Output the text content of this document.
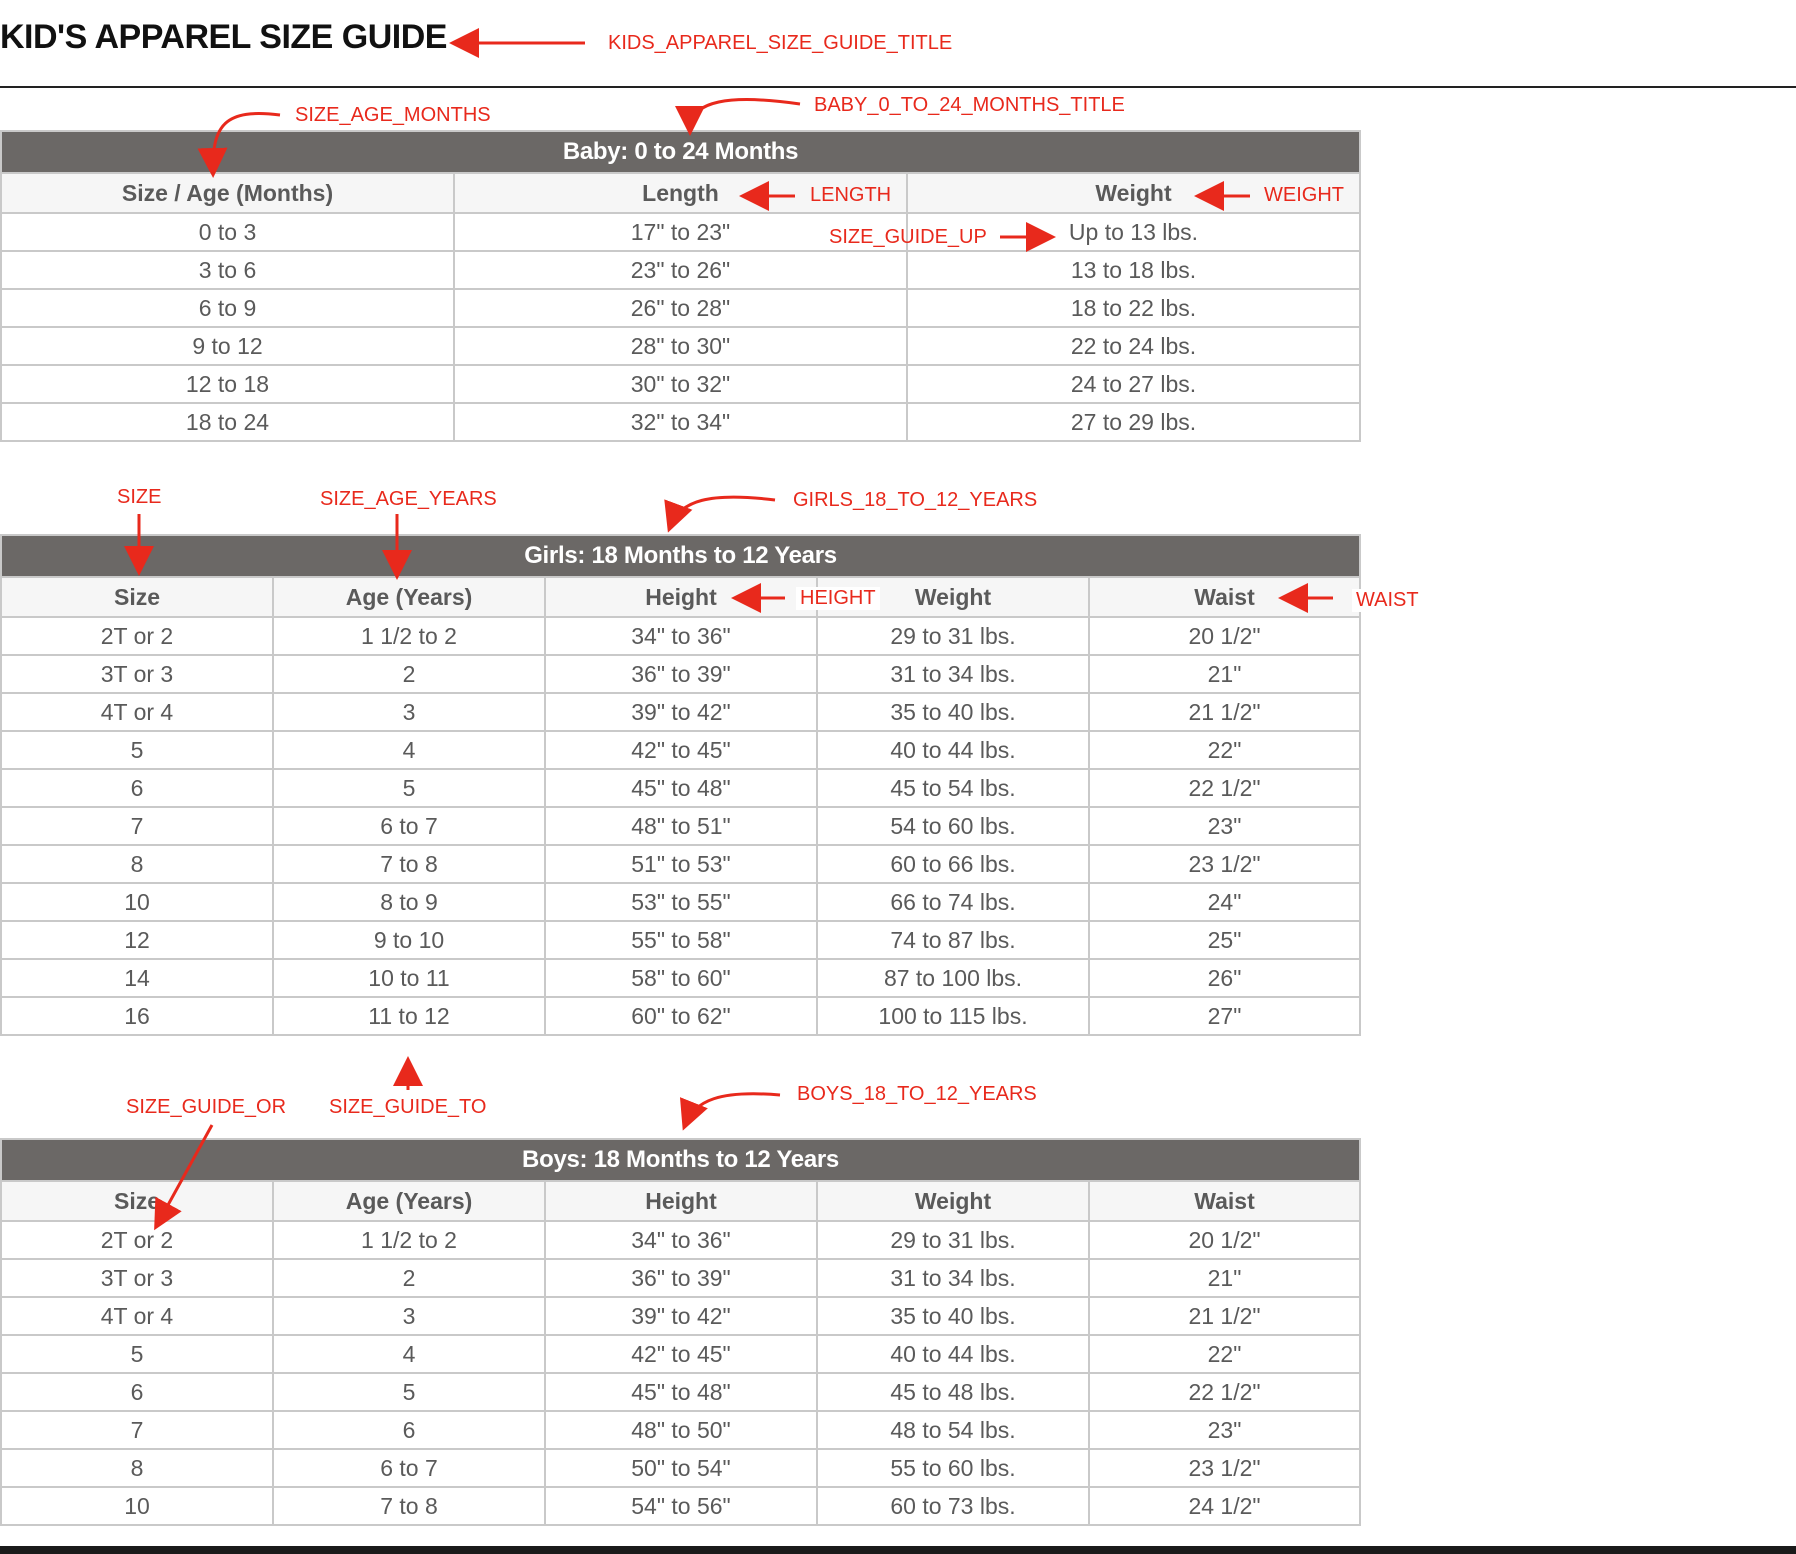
KID'S APPAREL SIZE GUIDE
Baby: 0 to 24 Months		
Size / Age (Months)	Length	Weight
0 to 3	17" to 23"	Up to 13 lbs.
3 to 6	23" to 26"	13 to 18 lbs.
6 to 9	26" to 28"	18 to 22 lbs.
9 to 12	28" to 30"	22 to 24 lbs.
12 to 18	30" to 32"	24 to 27 lbs.
18 to 24	32" to 34"	27 to 29 lbs.
Girls: 18 Months to 12 Years				
Size	Age (Years)	Height	Weight	Waist
2T or 2	1 1/2 to 2	34" to 36"	29 to 31 lbs.	20 1/2"
3T or 3	2	36" to 39"	31 to 34 lbs.	21"
4T or 4	3	39" to 42"	35 to 40 lbs.	21 1/2"
5	4	42" to 45"	40 to 44 lbs.	22"
6	5	45" to 48"	45 to 54 lbs.	22 1/2"
7	6 to 7	48" to 51"	54 to 60 lbs.	23"
8	7 to 8	51" to 53"	60 to 66 lbs.	23 1/2"
10	8 to 9	53" to 55"	66 to 74 lbs.	24"
12	9 to 10	55" to 58"	74 to 87 lbs.	25"
14	10 to 11	58" to 60"	87 to 100 lbs.	26"
16	11 to 12	60" to 62"	100 to 115 lbs.	27"
Boys: 18 Months to 12 Years				
Size	Age (Years)	Height	Weight	Waist
2T or 2	1 1/2 to 2	34" to 36"	29 to 31 lbs.	20 1/2"
3T or 3	2	36" to 39"	31 to 34 lbs.	21"
4T or 4	3	39" to 42"	35 to 40 lbs.	21 1/2"
5	4	42" to 45"	40 to 44 lbs.	22"
6	5	45" to 48"	45 to 48 lbs.	22 1/2"
7	6	48" to 50"	48 to 54 lbs.	23"
8	6 to 7	50" to 54"	55 to 60 lbs.	23 1/2"
10	7 to 8	54" to 56"	60 to 73 lbs.	24 1/2"
KIDS_APPAREL_SIZE_GUIDE_TITLE
SIZE_AGE_MONTHS	BABY_0_TO_24_MONTHS_TITLE
LENGTH	WEIGHT
SIZE_GUIDE_UP
SIZE	SIZE_AGE_YEARS	GIRLS_18_TO_12_YEARS
HEIGHT	WAIST
SIZE_GUIDE_OR SIZE_GUIDE_TO
BOYS_18_TO_12_YEARS
